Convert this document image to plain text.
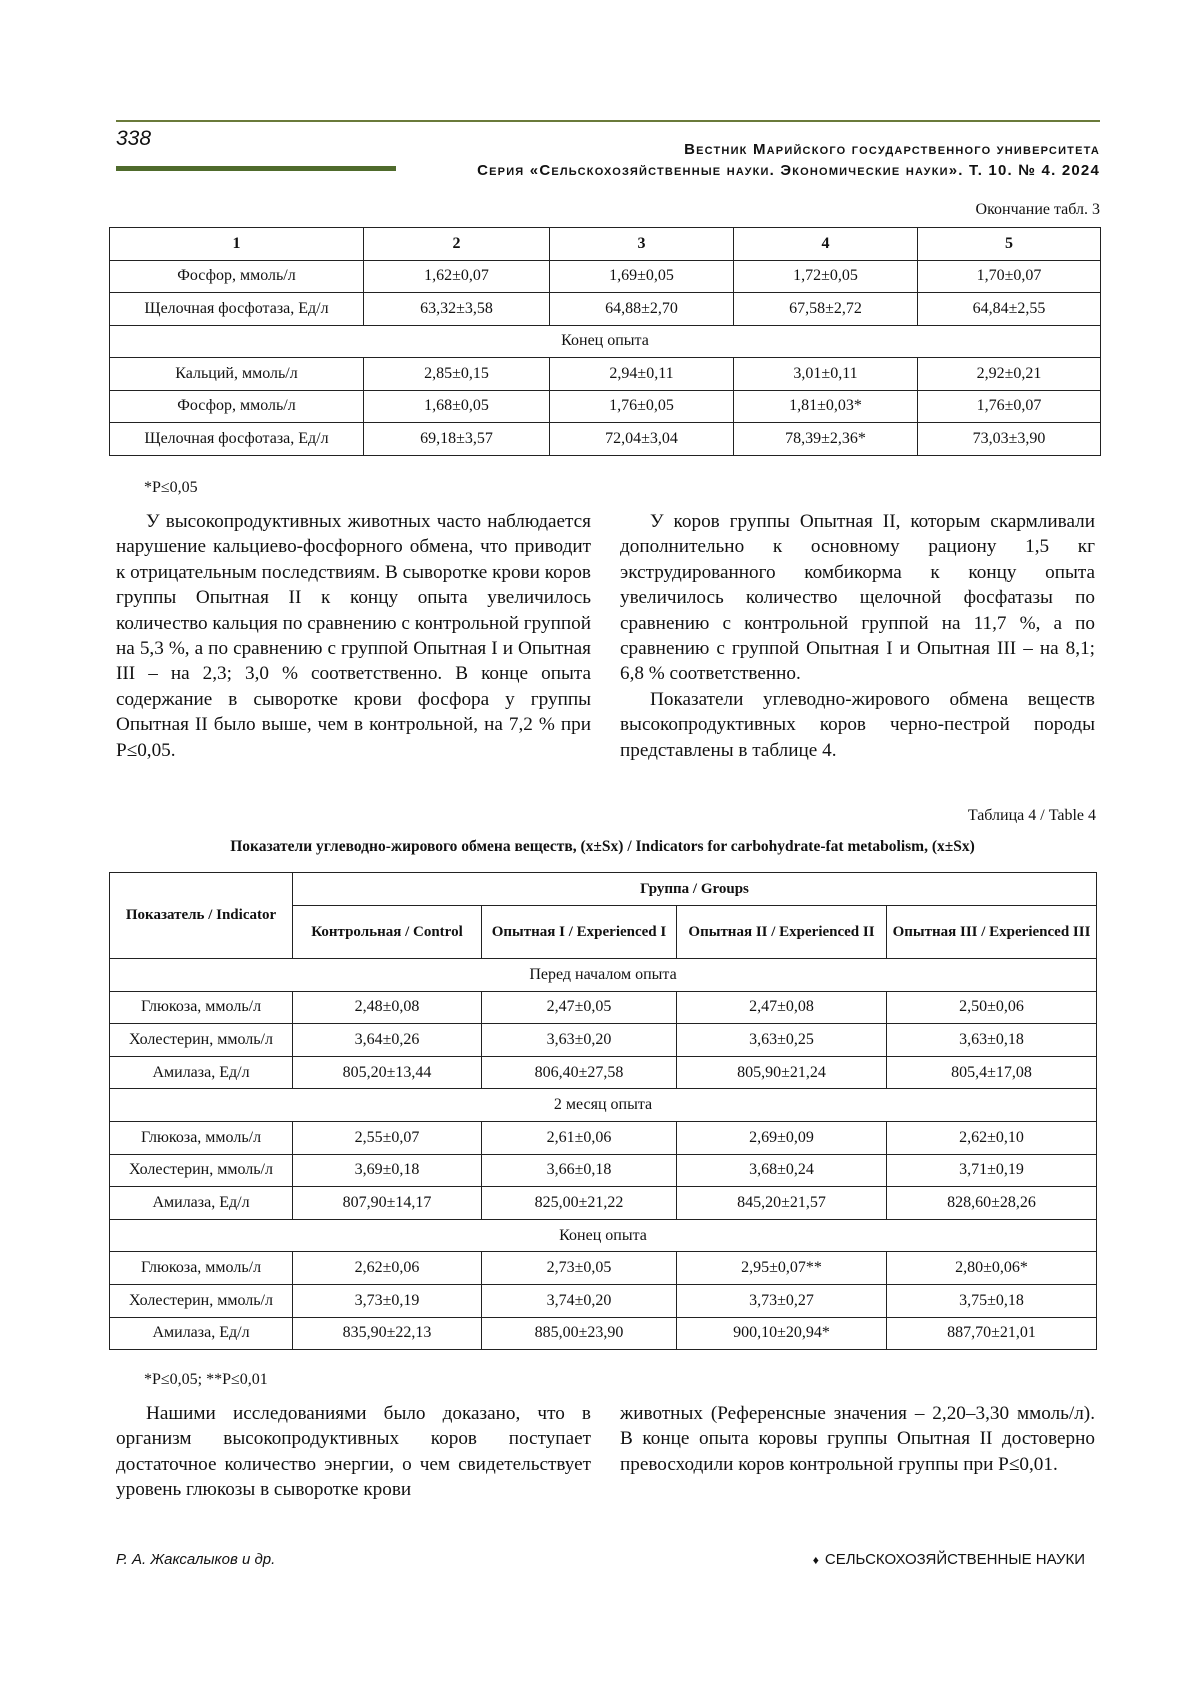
338	Вестник Марийского государственного университета
Серия «Сельскохозяйственные науки. Экономические науки». Т. 10. № 4. 2024
Окончание табл. 3
1	2	3	4	5
Фосфор, ммоль/л	1,62±0,07	1,69±0,05	1,72±0,05	1,70±0,07
Щелочная фосфотаза, Ед/л	63,32±3,58	64,88±2,70	67,58±2,72	64,84±2,55
Конец опыта				
Кальций, ммоль/л	2,85±0,15	2,94±0,11	3,01±0,11	2,92±0,21
Фосфор, ммоль/л	1,68±0,05	1,76±0,05	1,81±0,03*	1,76±0,07
Щелочная фосфотаза, Ед/л	69,18±3,57	72,04±3,04	78,39±2,36*	73,03±3,90
*P≤0,05

У высокопродуктивных животных часто наблюдается нарушение кальциево-фосфорного обмена, что приводит к отрицательным последствиям. В сыворотке крови коров группы Опытная II к концу опыта увеличилось количество кальция по сравнению с контрольной группой на 5,3 %, а по сравнению с группой Опытная I и Опытная III – на 2,3; 3,0 % соответственно. В конце опыта содержание в сыворотке крови фосфора у группы Опытная II было выше, чем в контрольной, на 7,2 % при P≤0,05.

У коров группы Опытная II, которым скармливали дополнительно к основному рациону 1,5 кг экструдированного комбикорма к концу опыта увеличилось количество щелочной фосфатазы по сравнению с контрольной группой на 11,7 %, а по сравнению с группой Опытная I и Опытная III – на 8,1; 6,8 % соответственно.

Показатели углеводно-жирового обмена веществ высокопродуктивных коров черно-пестрой породы представлены в таблице 4.

Таблица 4 / Table 4
Показатели углеводно-жирового обмена веществ, (x±Sx) / Indicators for carbohydrate-fat metabolism, (x±Sx)
Показатель / Indicator	Группа / Groups			
	Контрольная / Control	Опытная I / Experienced I	Опытная II / Experienced II	Опытная III / Experienced III
Перед началом опыта				
Глюкоза, ммоль/л	2,48±0,08	2,47±0,05	2,47±0,08	2,50±0,06
Холестерин, ммоль/л	3,64±0,26	3,63±0,20	3,63±0,25	3,63±0,18
Амилаза, Ед/л	805,20±13,44	806,40±27,58	805,90±21,24	805,4±17,08
2 месяц опыта				
Глюкоза, ммоль/л	2,55±0,07	2,61±0,06	2,69±0,09	2,62±0,10
Холестерин, ммоль/л	3,69±0,18	3,66±0,18	3,68±0,24	3,71±0,19
Амилаза, Ед/л	807,90±14,17	825,00±21,22	845,20±21,57	828,60±28,26
Конец опыта				
Глюкоза, ммоль/л	2,62±0,06	2,73±0,05	2,95±0,07**	2,80±0,06*
Холестерин, ммоль/л	3,73±0,19	3,74±0,20	3,73±0,27	3,75±0,18
Амилаза, Ед/л	835,90±22,13	885,00±23,90	900,10±20,94*	887,70±21,01
*P≤0,05; **P≤0,01

Нашими исследованиями было доказано, что в организм высокопродуктивных коров поступает достаточное количество энергии, о чем свидетельствует уровень глюкозы в сыворотке крови

животных (Референсные значения – 2,20–3,30 ммоль/л). В конце опыта коровы группы Опытная II достоверно превосходили коров контрольной группы при P≤0,01.

Р. А. Жаксалыков и др.	♦ СЕЛЬСКОХОЗЯЙСТВЕННЫЕ НАУКИ
